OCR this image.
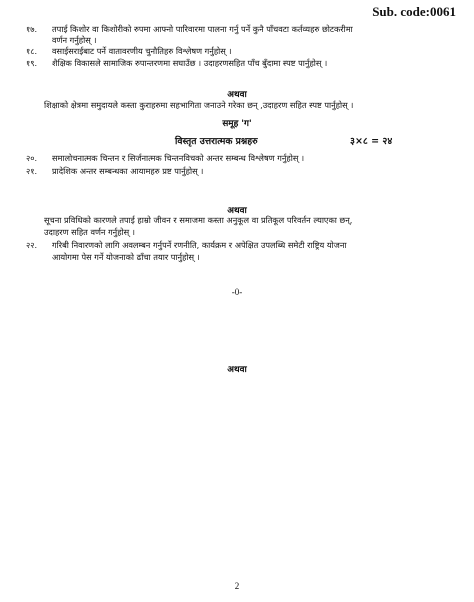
Sub. code:0061
१७. तपाई किशोर वा किशोरीको रुपमा आफ्नो पारिवारमा पालना गर्नु पर्ने कुनै पाँचवटा कर्तव्यहरु छोटकरीमा
वर्णन गर्नुहोस् ।
१८. वसाईसराईबाट पर्ने वातावरणीय चुनौतिहरु विश्लेषण गर्नुहोस् ।
१९. शैक्षिक विकासले सामाजिक रुपान्तरणमा सघाउँछ । उदाहरणसहित पाँच बुँदामा स्पष्ट पार्नुहोस् ।
अथवा
शिक्षाको क्षेत्रमा समुदायले कस्ता कुराहरुमा सहभागिता जनाउने गरेका छन् ,उदाहरण सहित स्पष्ट पार्नुहोस् ।
समूह 'ग'
विस्तृत उत्तरात्मक प्रश्नहरु	३×८ = २४
२०. समालोचनात्मक चिन्तन र सिर्जनात्मक चिन्तनविचको अन्तर सम्बन्ध विश्लेषण गर्नुहोस् ।
२१. प्रादेशिक अन्तर सम्बन्धका आयामहरु प्रष्ट पार्नुहोस् ।
अथवा
सूचना प्रविधिको कारणले तपाई हाम्रो जीवन र समाजमा कस्ता अनुकूल वा प्रतिकूल परिवर्तन ल्याएका छन्,
उदाहरण सहित वर्णन गर्नुहोस् ।
२२. गरिबी निवारणको लागि अवलम्बन गर्नुपर्ने रणनीति, कार्यक्रम र अपेक्षित उपलब्धि समेटी राष्ट्रिय योजना
आयोगमा पेस गर्ने योजनाको ढाँचा तयार पार्नुहोस् ।
-0-
अथवा
2
